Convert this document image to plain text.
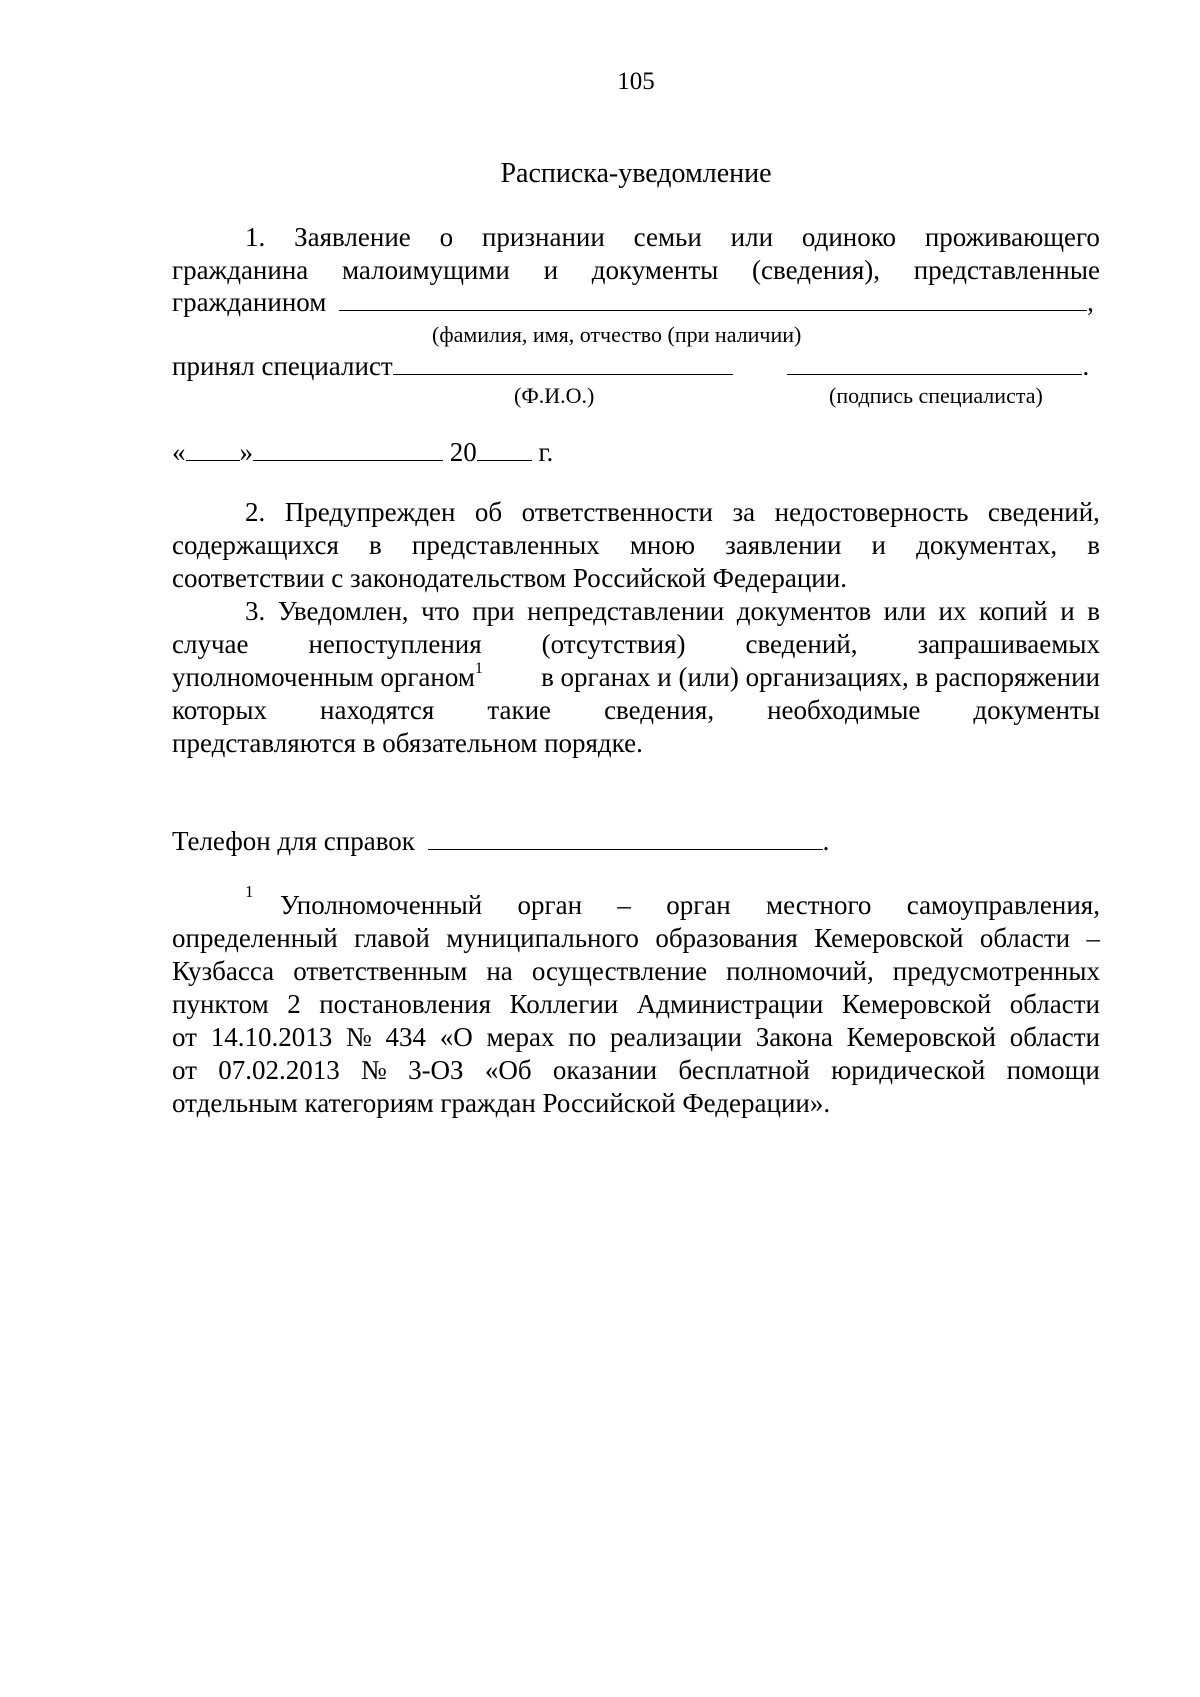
105
Расписка-уведомление
1. Заявление о признании семьи или одиноко проживающего
гражданина малоимущими и документы (сведения), представленные
гражданином	,
(фамилия, имя, отчество (при наличии)
принял специалист	.
(Ф.И.О.)	(подпись специалиста)
« »	20 г.
2. Предупрежден об ответственности за недостоверность сведений,
содержащихся в представленных мною заявлении и документах, в
соответствии с законодательством Российской Федерации.
3. Уведомлен, что при непредставлении документов или их копий и в
случае непоступления (отсутствия) сведений, запрашиваемых
уполномоченным органом$^1$ в органах и (или) организациях, в распоряжении
которых находятся такие сведения, необходимые документы
представляются в обязательном порядке.
Телефон для справок	.
1 Уполномоченный орган – орган местного самоуправления,
определенный главой муниципального образования Кемеровской области –
Кузбасса ответственным на осуществление полномочий, предусмотренных
пунктом 2 постановления Коллегии Администрации Кемеровской области
от 14.10.2013 № 434 «О мерах по реализации Закона Кемеровской области
от 07.02.2013 № 3-ОЗ «Об оказании бесплатной юридической помощи
отдельным категориям граждан Российской Федерации».
